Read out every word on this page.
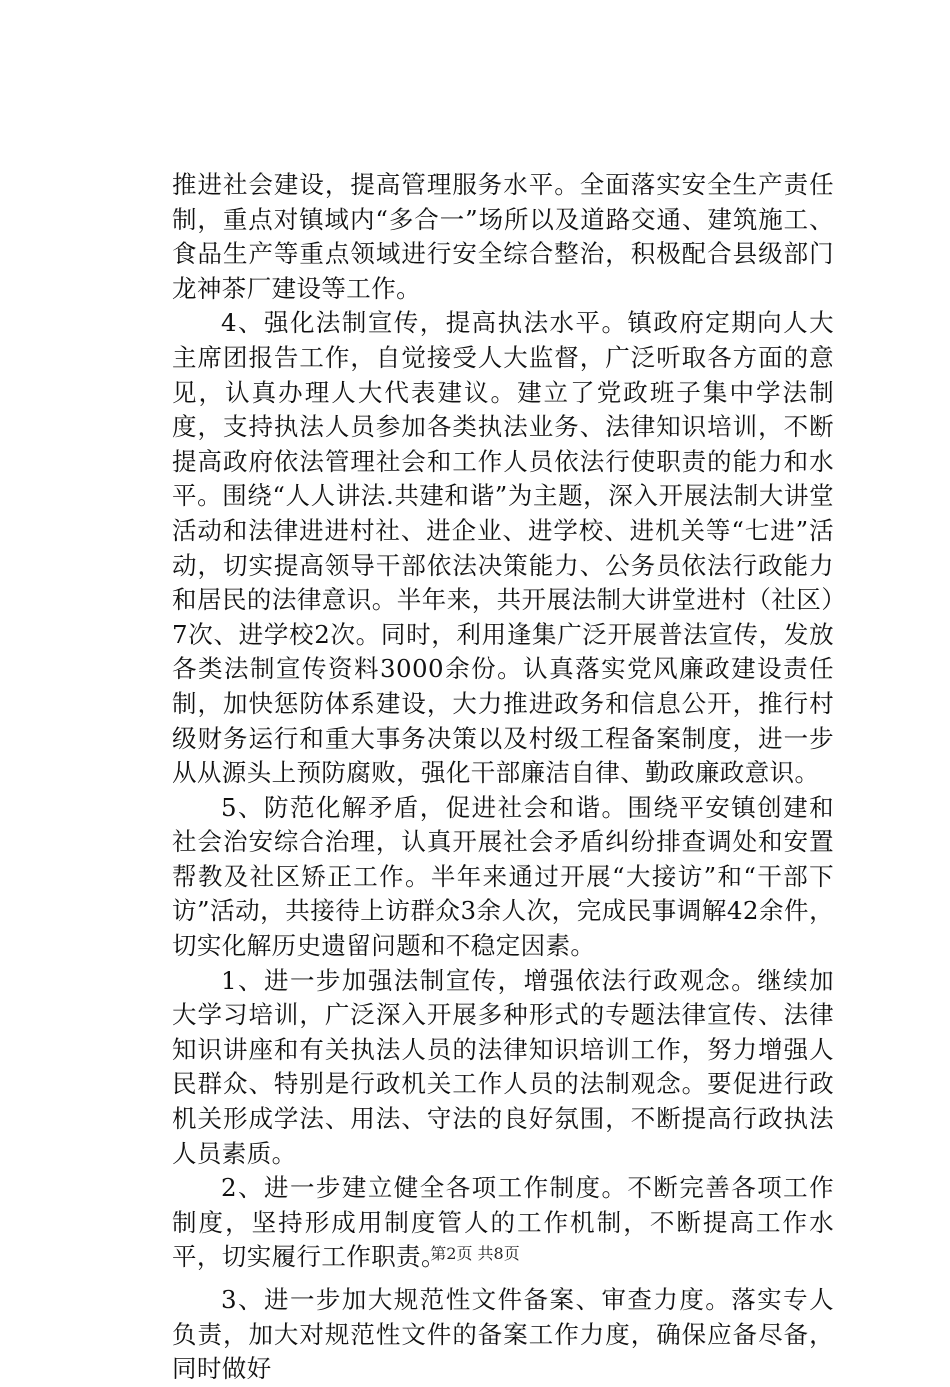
推进社会建设，提高管理服务水平。全面落实安全生产责任制，重点对镇域内“多合一”场所以及道路交通、建筑施工、食品生产等重点领域进行安全综合整治，积极配合县级部门龙神茶厂建设等工作。

4、强化法制宣传，提高执法水平。镇政府定期向人大主席团报告工作，自觉接受人大监督，广泛听取各方面的意见，认真办理人大代表建议。建立了党政班子集中学法制度，支持执法人员参加各类执法业务、法律知识培训，不断提高政府依法管理社会和工作人员依法行使职责的能力和水平。围绕“人人讲法.共建和谐”为主题，深入开展法制大讲堂活动和法律进进村社、进企业、进学校、进机关等“七进”活动，切实提高领导干部依法决策能力、公务员依法行政能力和居民的法律意识。半年来，共开展法制大讲堂进村（社区）7次、进学校2次。同时，利用逢集广泛开展普法宣传，发放各类法制宣传资料3000余份。认真落实党风廉政建设责任制，加快惩防体系建设，大力推进政务和信息公开，推行村级财务运行和重大事务决策以及村级工程备案制度，进一步从从源头上预防腐败，强化干部廉洁自律、勤政廉政意识。

5、防范化解矛盾，促进社会和谐。围绕平安镇创建和社会治安综合治理，认真开展社会矛盾纠纷排查调处和安置帮教及社区矫正工作。半年来通过开展“大接访”和“干部下访”活动，共接待上访群众3余人次，完成民事调解42余件，切实化解历史遗留问题和不稳定因素。

1、进一步加强法制宣传，增强依法行政观念。继续加大学习培训，广泛深入开展多种形式的专题法律宣传、法律知识讲座和有关执法人员的法律知识培训工作，努力增强人民群众、特别是行政机关工作人员的法制观念。要促进行政机关形成学法、用法、守法的良好氛围，不断提高行政执法人员素质。

2、进一步建立健全各项工作制度。不断完善各项工作制度，坚持形成用制度管人的工作机制，不断提高工作水平，切实履行工作职责。

3、进一步加大规范性文件备案、审查力度。落实专人负责，加大对规范性文件的备案工作力度，确保应备尽备，同时做好

第2页 共8页
